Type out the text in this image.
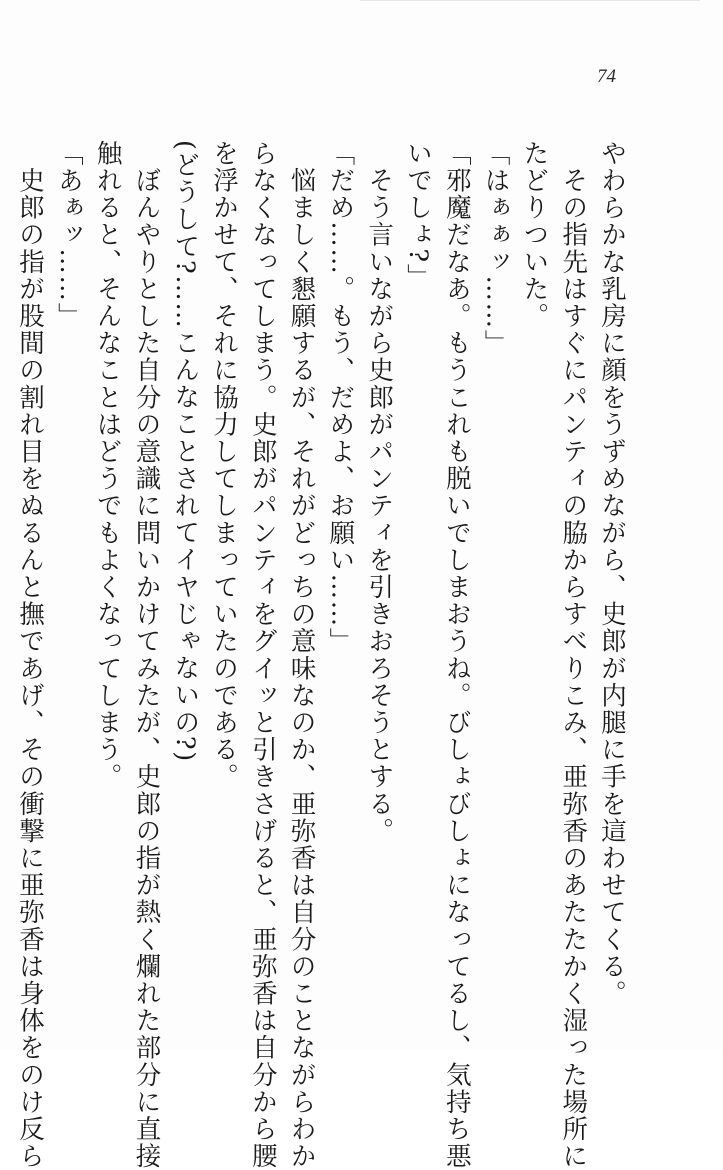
74
やわらかな乳房に顔をうずめながら、史郎が内腿に手を這わせてくる。
　その指先はすぐにパンティの脇からすべりこみ、亜弥香のあたたかく湿った場所に
たどりついた。
「はぁぁッ……」
「邪魔だなあ。もうこれも脱いでしまおうね。びしょびしょになってるし、気持ち悪
いでしょ?」
　そう言いながら史郎がパンティを引きおろそうとする。
「だめ……。もう、だめよ、お願い……」
　悩ましく懇願するが、それがどっちの意味なのか、亜弥香は自分のことながらわか
らなくなってしまう。史郎がパンティをグイッと引きさげると、亜弥香は自分から腰
を浮かせて、それに協力してしまっていたのである。
(どうして?……こんなことされてイヤじゃないの?)
　ぼんやりとした自分の意識に問いかけてみたが、史郎の指が熱く爛れた部分に直接
触れると、そんなことはどうでもよくなってしまう。
「あぁッ……」
　史郎の指が股間の割れ目をぬるんと撫であげ、その衝撃に亜弥香は身体をのけ反ら
